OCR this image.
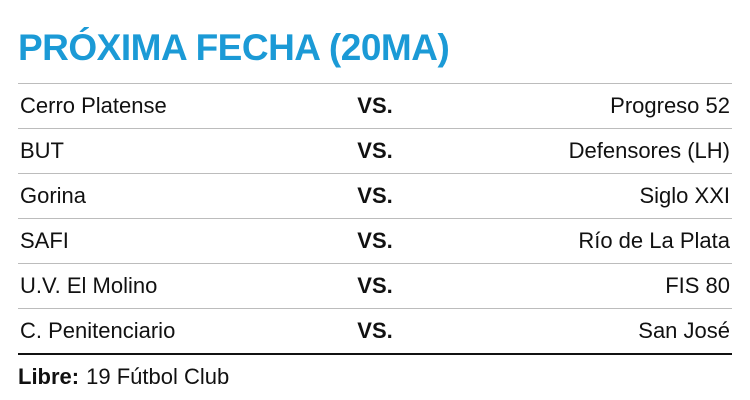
PRÓXIMA FECHA (20MA)
Cerro Platense	VS.	Progreso 52
BUT	VS.	Defensores (LH)
Gorina	VS.	Siglo XXI
SAFI	VS.	Río de La Plata
U.V. El Molino	VS.	FIS 80
C. Penitenciario	VS.	San José
Libre: 19 Fútbol Club
